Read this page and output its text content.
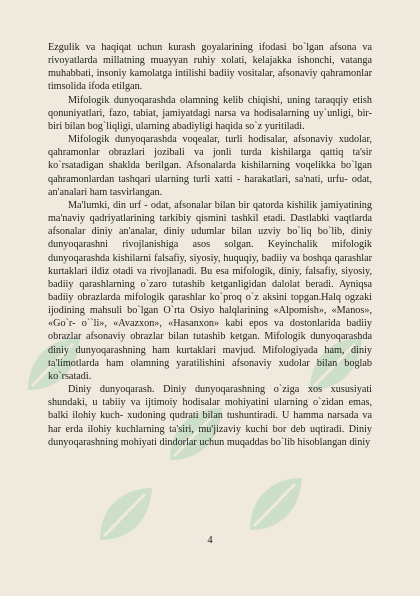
Ezgulik va haqiqat uchun kurash goyalarining ifodasi bo`lgan afsona va rivoyatlarda millatning muayyan ruhiy xolati, kelajakka ishonchi, vatanga muhabbati, insoniy kamolatga intilishi badiiy vositalar, afsonaviy qahramonlar timsolida ifoda etilgan.

Mifologik dunyoqarashda olamning kelib chiqishi, uning taraqqiy etish qonuniyatlari, fazo, tabiat, jamiyatdagi narsa va hodisalarning uy`unligi, bir-biri bilan bog`liqligi, ularning abadiyligi haqida so`z yuritiladi.

Mifologik dunyoqarashda voqealar, turli hodisalar, afsonaviy xudolar, qahramonlar obrazlari jozibali va jonli turda kishilarga qattiq ta'sir ko`rsatadigan shaklda berilgan. Afsonalarda kishilarning voqelikka bo`lgan qahramonlardan tashqari ularning turli xatti - harakatlari, sa'nati, urfu- odat, an'analari ham tasvirlangan.

Ma'lumki, din urf - odat, afsonalar bilan bir qatorda kishilik jamiyatining ma'naviy qadriyatlarining tarkibiy qismini tashkil etadi. Dastlabki vaqtlarda afsonalar diniy an'analar, diniy udumlar bilan uzviy bo`liq bo`lib, diniy dunyoqarashni rivojlanishiga asos solgan. Keyinchalik mifologik dunyoqarashda kishilarni falsafiy, siyosiy, huquqiy, badiiy va boshqa qarashlar kurtaklari ildiz otadi va rivojlanadi. Bu esa mifologik, diniy, falsafiy, siyosiy, badiiy qarashlarning o`zaro tutashib ketganligidan dalolat beradi. Ayniqsa badiiy obrazlarda mifologik qarashlar ko`proq o`z aksini topgan.Halq ogzaki ijodining mahsuli bo`lgan O`rta Osiyo halqlarining «Alpomish», «Manos», «Go`r- o``li», «Avazxon», «Hasanxon» kabi epos va dostonlarida badiiy obrazlar afsonaviy obrazlar bilan tutashib ketgan. Mifologik dunyoqarashda diniy dunyoqarashning ham kurtaklari mavjud. Mifologiyada ham, diniy ta'limotlarda ham olamning yaratilishini afsonaviy xudolar bilan boglab ko`rsatadi.

Diniy dunyoqarash. Diniy dunyoqarashning o`ziga xos xususiyati shundaki, u tabiiy va ijtimoiy hodisalar mohiyatini ularning o`zidan emas, balki ilohiy kuch- xudoning qudrati bilan tushuntiradi. U hamma narsada va har erda ilohiy kuchlarning ta'siri, mu'jizaviy kuchi bor deb uqtiradi. Diniy dunyoqarashning mohiyati dindorlar uchun muqaddas bo`lib hisoblangan diniy

4
